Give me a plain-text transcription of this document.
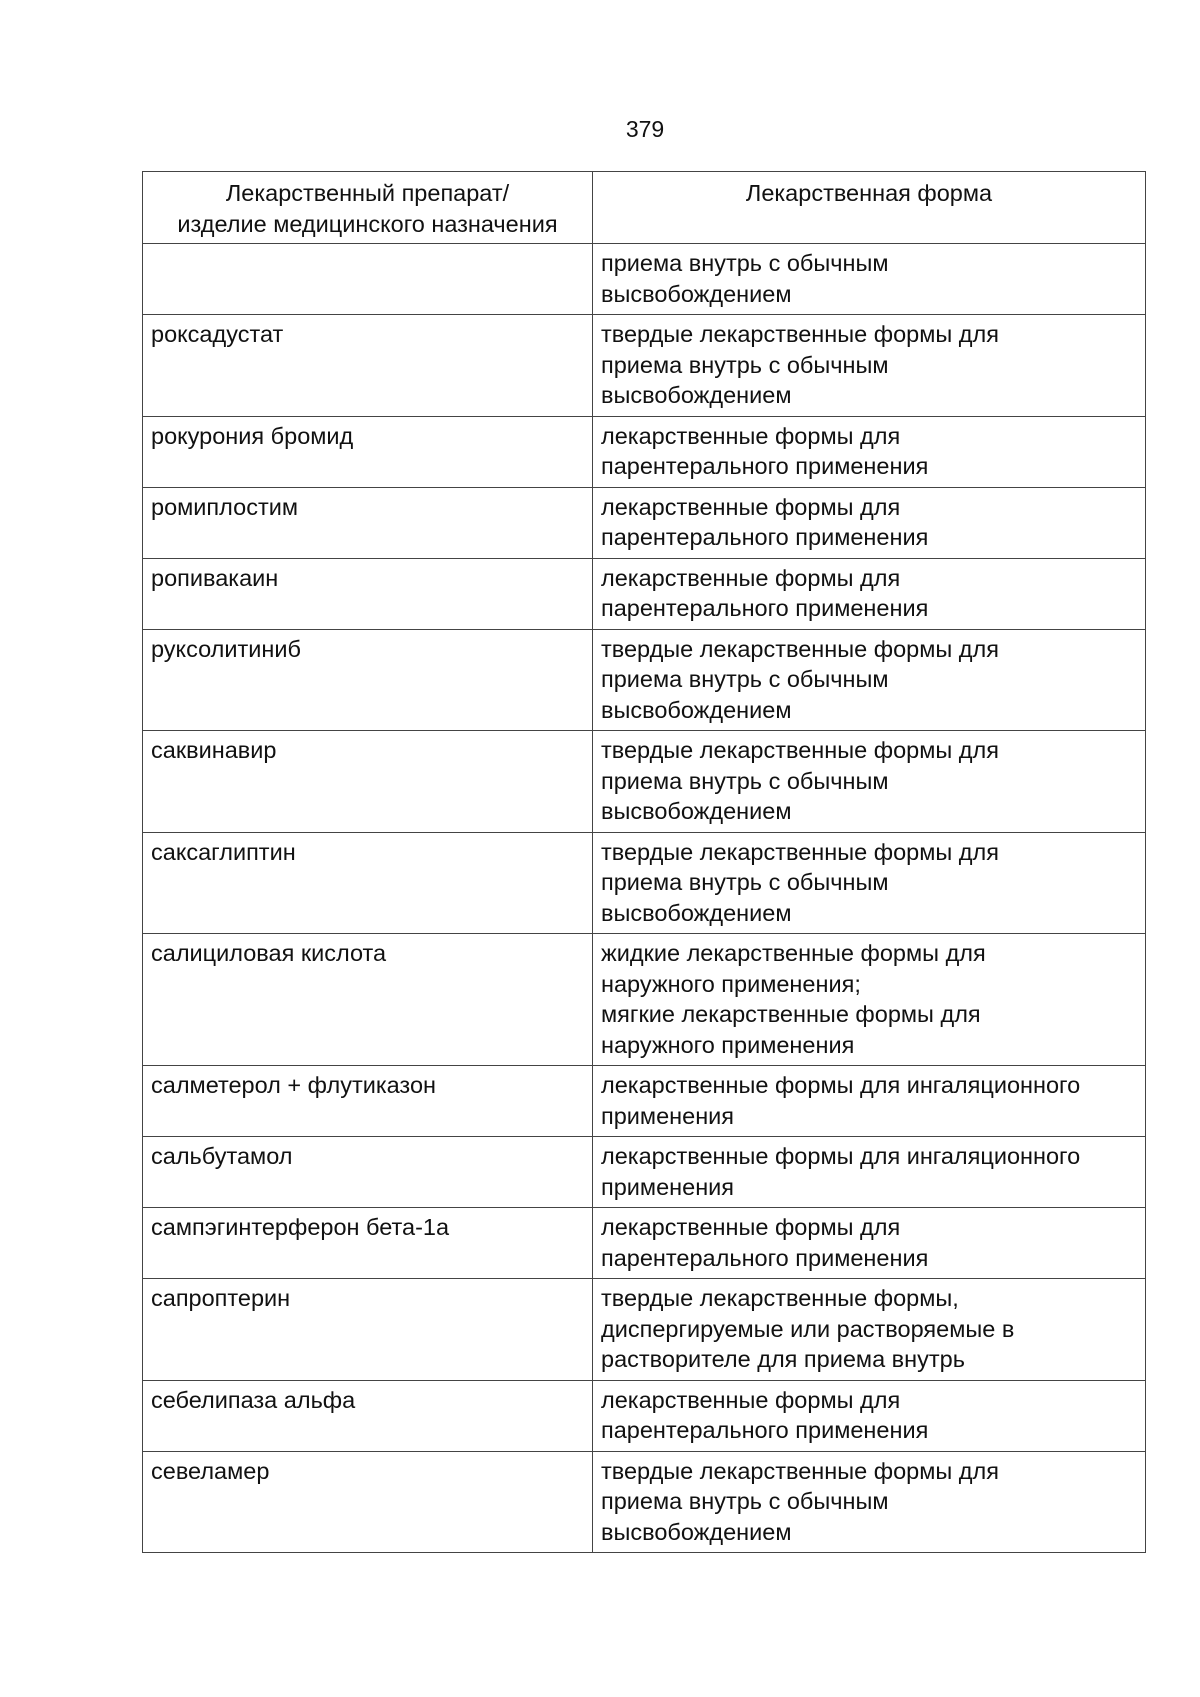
379
Лекарственный препарат/
изделие медицинского назначения	Лекарственная форма
	приема внутрь с обычным
высвобождением
роксадустат	твердые лекарственные формы для
приема внутрь с обычным
высвобождением
рокурония бромид	лекарственные формы для
парентерального применения
ромиплостим	лекарственные формы для
парентерального применения
ропивакаин	лекарственные формы для
парентерального применения
руксолитиниб	твердые лекарственные формы для
приема внутрь с обычным
высвобождением
саквинавир	твердые лекарственные формы для
приема внутрь с обычным
высвобождением
саксаглиптин	твердые лекарственные формы для
приема внутрь с обычным
высвобождением
салициловая кислота	жидкие лекарственные формы для
наружного применения;
мягкие лекарственные формы для
наружного применения
салметерол + флутиказон	лекарственные формы для ингаляционного
применения
сальбутамол	лекарственные формы для ингаляционного
применения
сампэгинтерферон бета-1а	лекарственные формы для
парентерального применения
сапроптерин	твердые лекарственные формы,
диспергируемые или растворяемые в
растворителе для приема внутрь
себелипаза альфа	лекарственные формы для
парентерального применения
севеламер	твердые лекарственные формы для
приема внутрь с обычным
высвобождением
